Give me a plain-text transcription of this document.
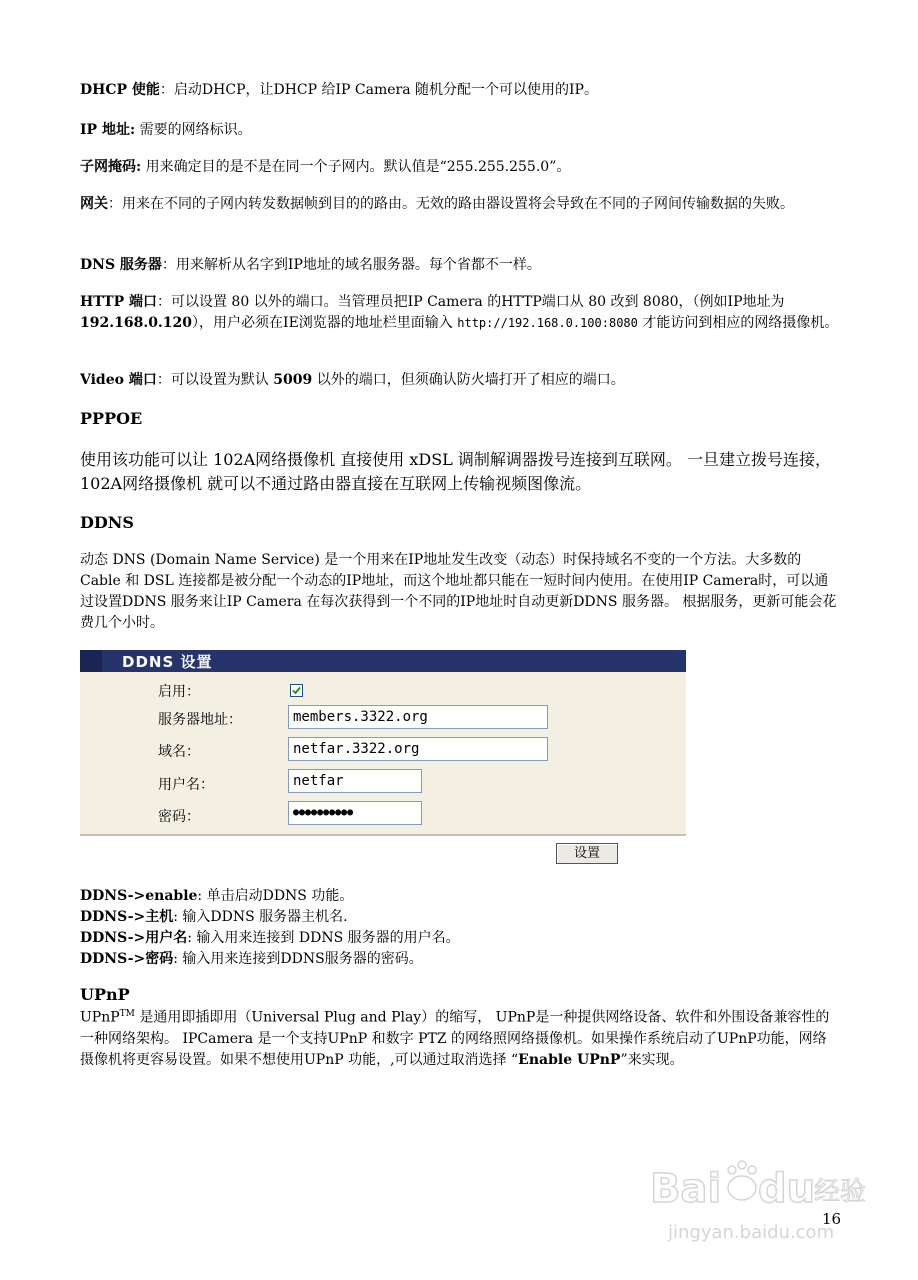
DHCP 使能：启动DHCP，让DHCP 给IP Camera 随机分配一个可以使用的IP。

IP 地址: 需要的网络标识。

子网掩码: 用来确定目的是不是在同一个子网内。默认值是“255.255.255.0”。

网关：用来在不同的子网内转发数据帧到目的的路由。无效的路由器设置将会导致在不同的子网间传输数据的失败。

DNS 服务器：用来解析从名字到IP地址的域名服务器。每个省都不一样。

HTTP 端口：可以设置 80 以外的端口。当管理员把IP Camera 的HTTP端口从 80 改到 8080，（例如IP地址为192.168.0.120），用户必须在IE浏览器的地址栏里面输入 http://192.168.0.100:8080 才能访问到相应的网络摄像机。

Video 端口：可以设置为默认 5009 以外的端口，但须确认防火墙打开了相应的端口。

PPPOE

使用该功能可以让 102A网络摄像机 直接使用 xDSL 调制解调器拨号连接到互联网。 一旦建立拨号连接，102A网络摄像机 就可以不通过路由器直接在互联网上传输视频图像流。

DDNS

动态 DNS (Domain Name Service) 是一个用来在IP地址发生改变（动态）时保持域名不变的一个方法。大多数的Cable 和 DSL 连接都是被分配一个动态的IP地址，而这个地址都只能在一短时间内使用。在使用IP Camera时，可以通过设置DDNS 服务来让IP Camera 在每次获得到一个不同的IP地址时自动更新DDNS 服务器。 根据服务，更新可能会花费几个小时。

DDNS 设置
启用：
服务器地址：	members.3322.org
域名：	netfar.3322.org
用户名：	netfar
密码：	●●●●●●●●●●
设置

DDNS->enable: 单击启动DDNS 功能。

DDNS->主机: 输入DDNS 服务器主机名.

DDNS->用户名: 输入用来连接到 DDNS 服务器的用户名。

DDNS->密码: 输入用来连接到DDNS服务器的密码。

UPnP

UPnP™ 是通用即插即用（Universal Plug and Play）的缩写， UPnP是一种提供网络设备、软件和外围设备兼容性的一种网络架构。 IPCamera 是一个支持UPnP 和数字 PTZ 的网络照网络摄像机。如果操作系统启动了UPnP功能，网络摄像机将更容易设置。如果不想使用UPnP 功能，,可以通过取消选择 “Enable UPnP”来实现。

Bai du
经验
jingyan.baidu.com
16
